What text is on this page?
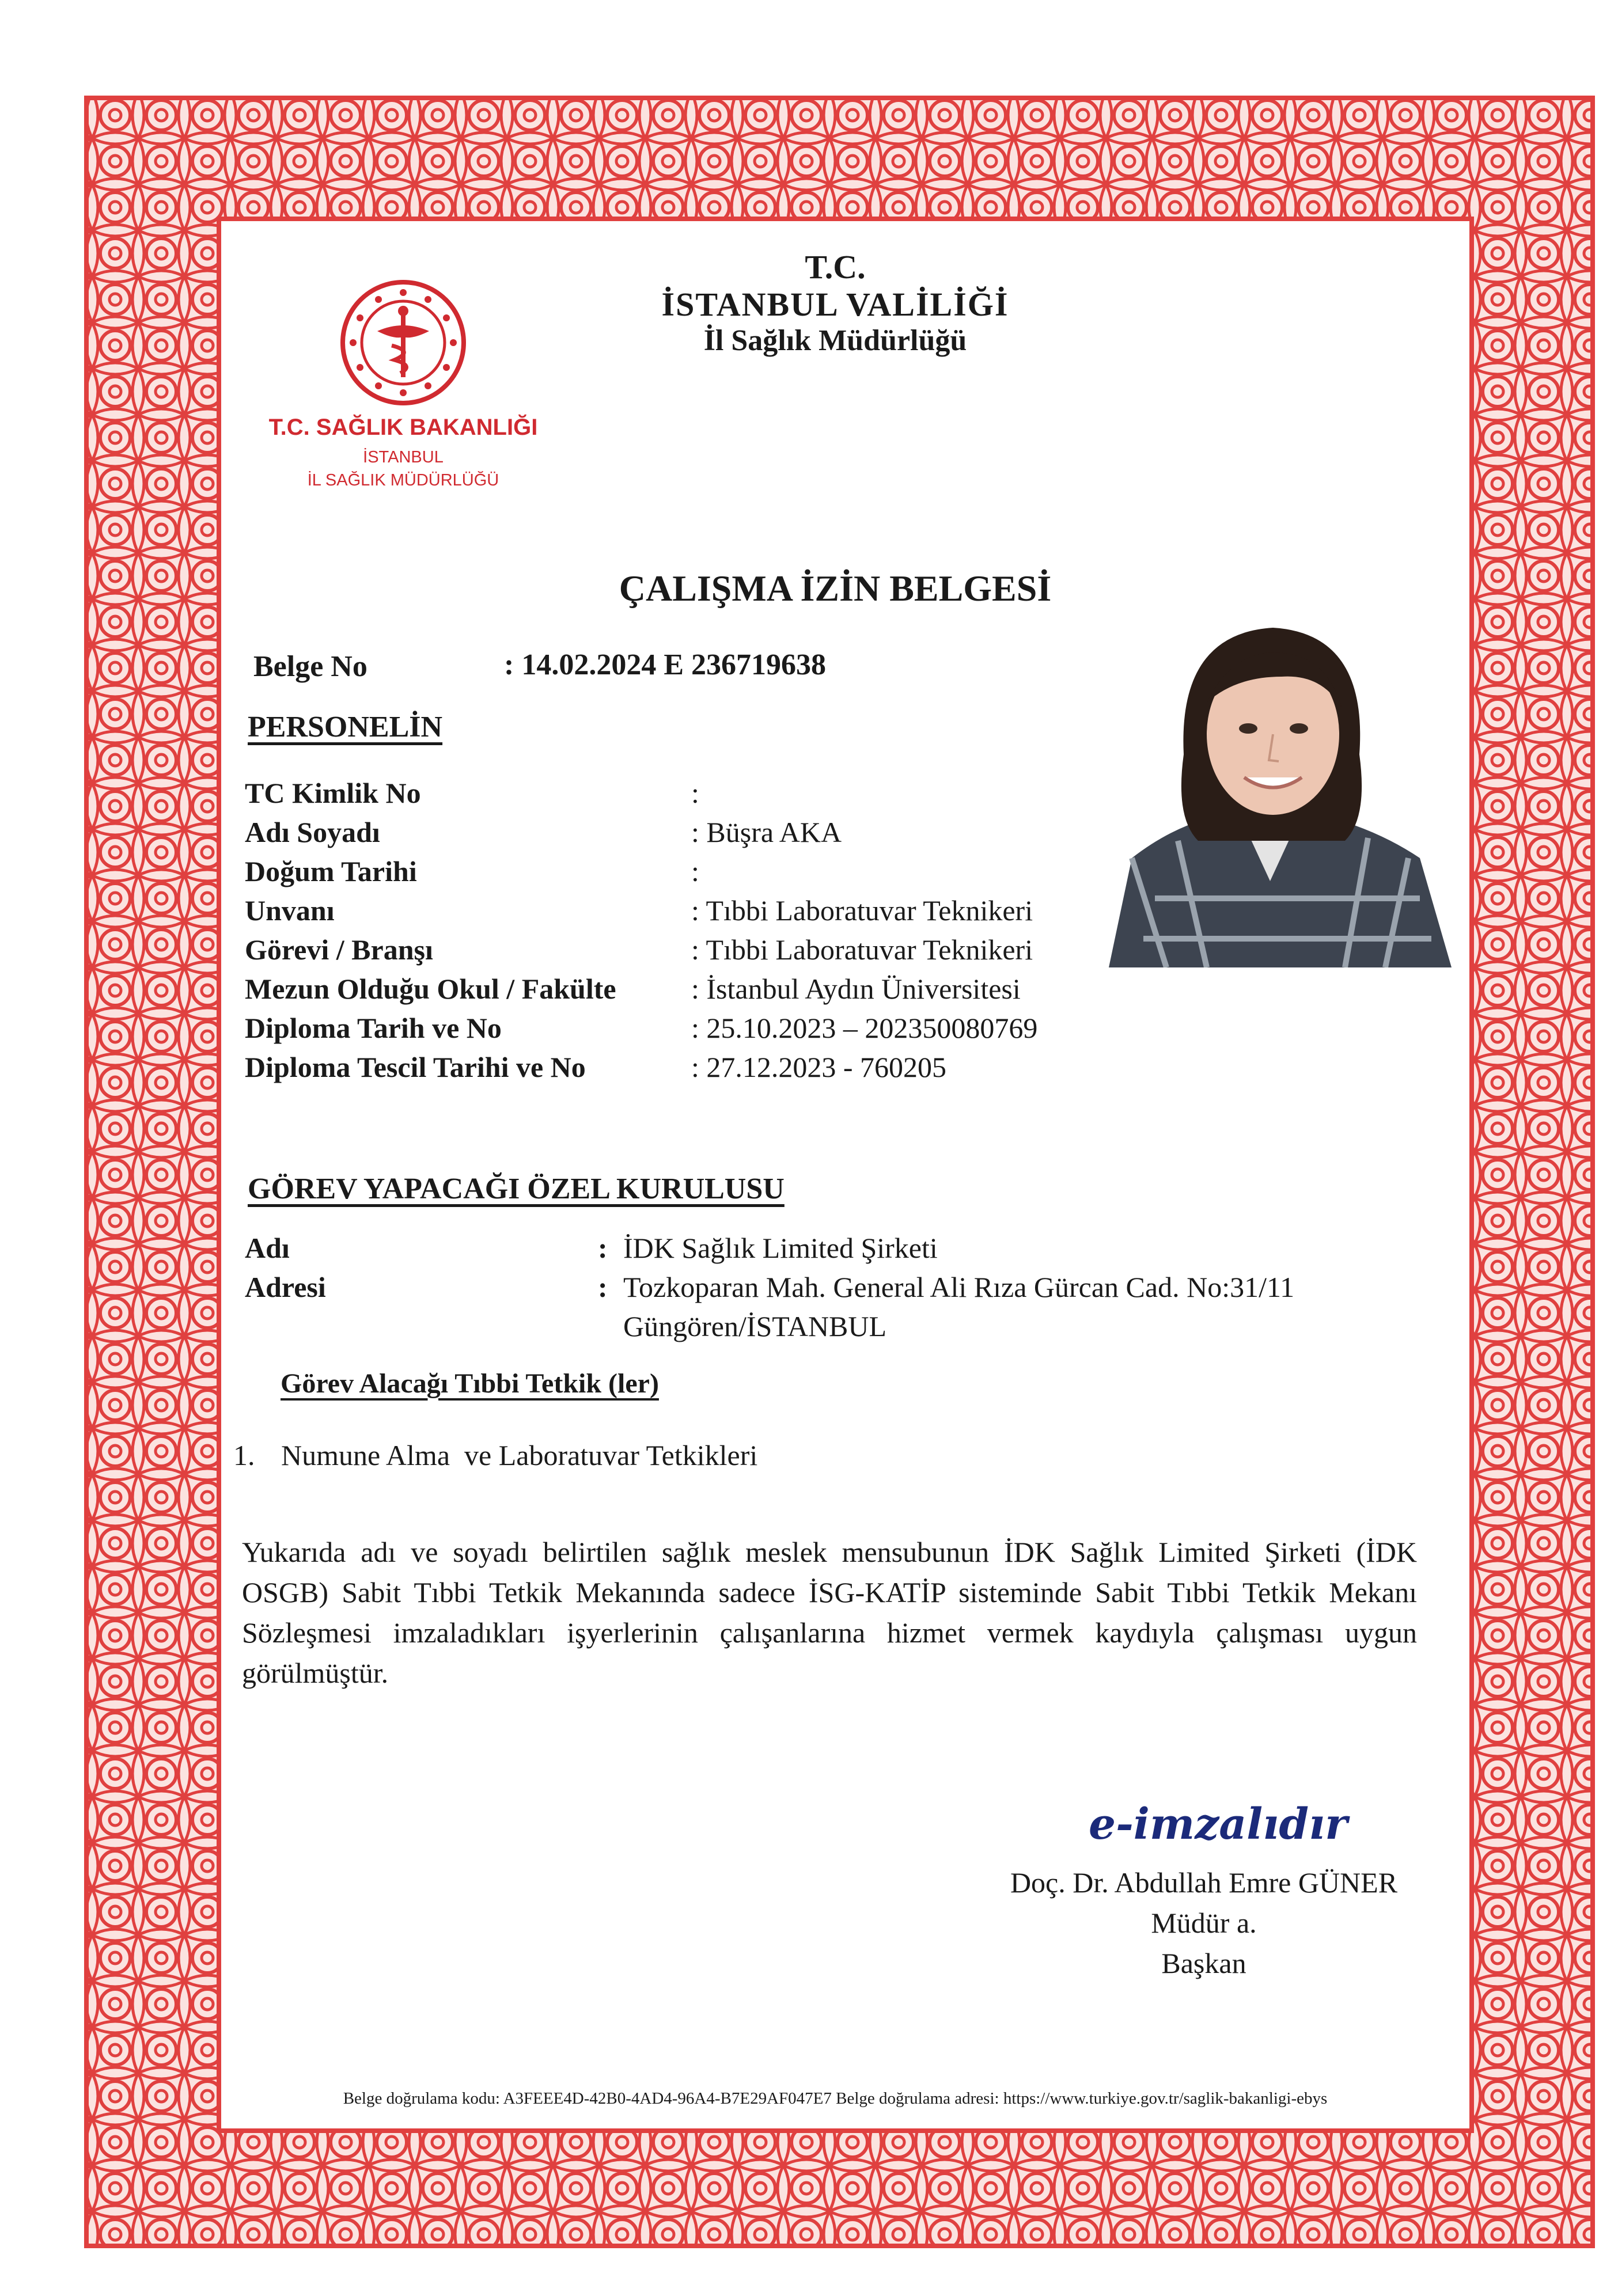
T.C. SAĞLIK BAKANLIĞI
İSTANBUL
İL SAĞLIK MÜDÜRLÜĞÜ
T.C.
İSTANBUL VALİLİĞİ
İl Sağlık Müdürlüğü
ÇALIŞMA İZİN BELGESİ
Belge No	: 14.02.2024 E 236719638
PERSONELİN
TC Kimlik No	:
Adı Soyadı	: Büşra AKA
Doğum Tarihi	:
Unvanı	: Tıbbi Laboratuvar Teknikeri
Görevi / Branşı	: Tıbbi Laboratuvar Teknikeri
Mezun Olduğu Okul / Fakülte	: İstanbul Aydın Üniversitesi
Diploma Tarih ve No	: 25.10.2023 – 202350080769
Diploma Tescil Tarihi ve No	: 27.12.2023 - 760205
GÖREV YAPACAĞI ÖZEL KURULUSU
Adı	: İDK Sağlık Limited Şirketi
Adresi	: Tozkoparan Mah. General Ali Rıza Gürcan Cad. No:31/11
Güngören/İSTANBUL
Görev Alacağı Tıbbi Tetkik (ler)
1. Numune Alma  ve Laboratuvar Tetkikleri
Yukarıda adı ve soyadı belirtilen sağlık meslek mensubunun İDK Sağlık Limited Şirketi (İDK OSGB) Sabit Tıbbi Tetkik Mekanında sadece İSG-KATİP sisteminde Sabit Tıbbi Tetkik Mekanı Sözleşmesi imzaladıkları işyerlerinin çalışanlarına hizmet vermek kaydıyla çalışması uygun görülmüştür.
e-imzalıdır
Doç. Dr. Abdullah Emre GÜNER
Müdür a.
Başkan
Belge doğrulama kodu: A3FEEE4D-42B0-4AD4-96A4-B7E29AF047E7 Belge doğrulama adresi: https://www.turkiye.gov.tr/saglik-bakanligi-ebys
